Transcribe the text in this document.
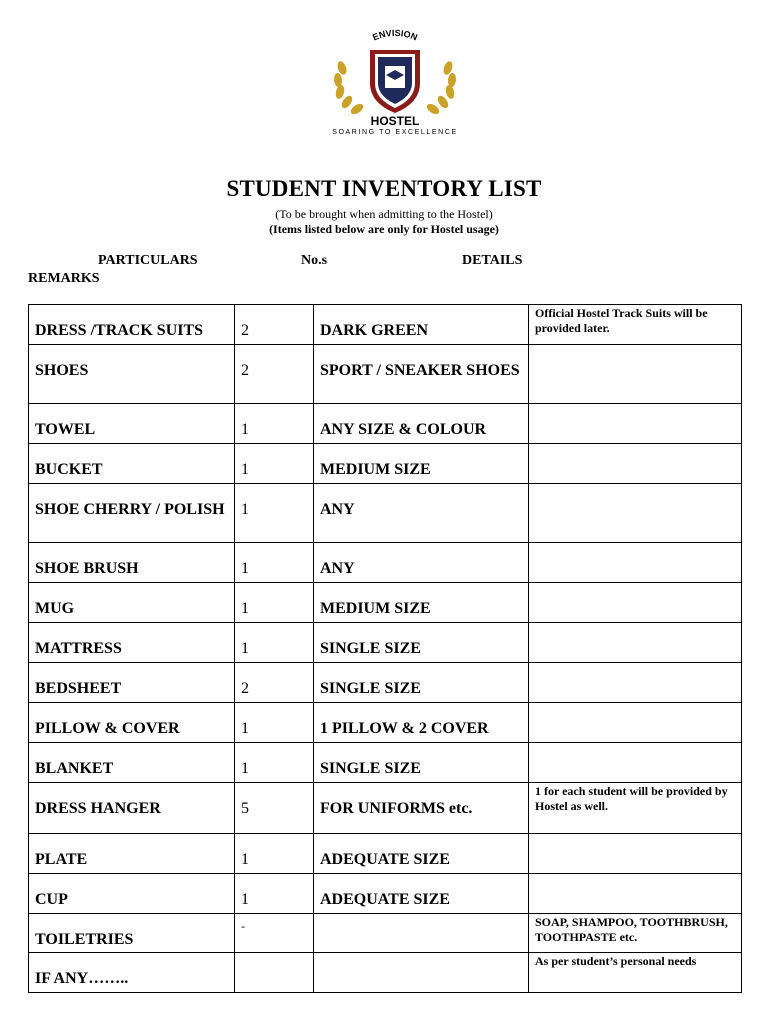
ENVISION
HOSTEL
SOARING TO EXCELLENCE
STUDENT INVENTORY LIST
(To be brought when admitting to the Hostel)
(Items listed below are only for Hostel usage)
PARTICULARS	No.s	DETAILS
REMARKS
DRESS /TRACK SUITS	2	DARK GREEN	Official Hostel Track Suits will be provided later.
SHOES	2	SPORT / SNEAKER SHOES	
TOWEL	1	ANY SIZE & COLOUR	
BUCKET	1	MEDIUM SIZE	
SHOE CHERRY / POLISH	1	ANY	
SHOE BRUSH	1	ANY	
MUG	1	MEDIUM SIZE	
MATTRESS	1	SINGLE SIZE	
BEDSHEET	2	SINGLE SIZE	
PILLOW & COVER	1	1 PILLOW & 2 COVER	
BLANKET	1	SINGLE SIZE	
DRESS HANGER	5	FOR UNIFORMS etc.	1 for each student will be provided by Hostel as well.
PLATE	1	ADEQUATE SIZE	
CUP	1	ADEQUATE SIZE	
TOILETRIES	-		SOAP, SHAMPOO, TOOTHBRUSH, TOOTHPASTE etc.
IF ANY……..			As per student’s personal needs
